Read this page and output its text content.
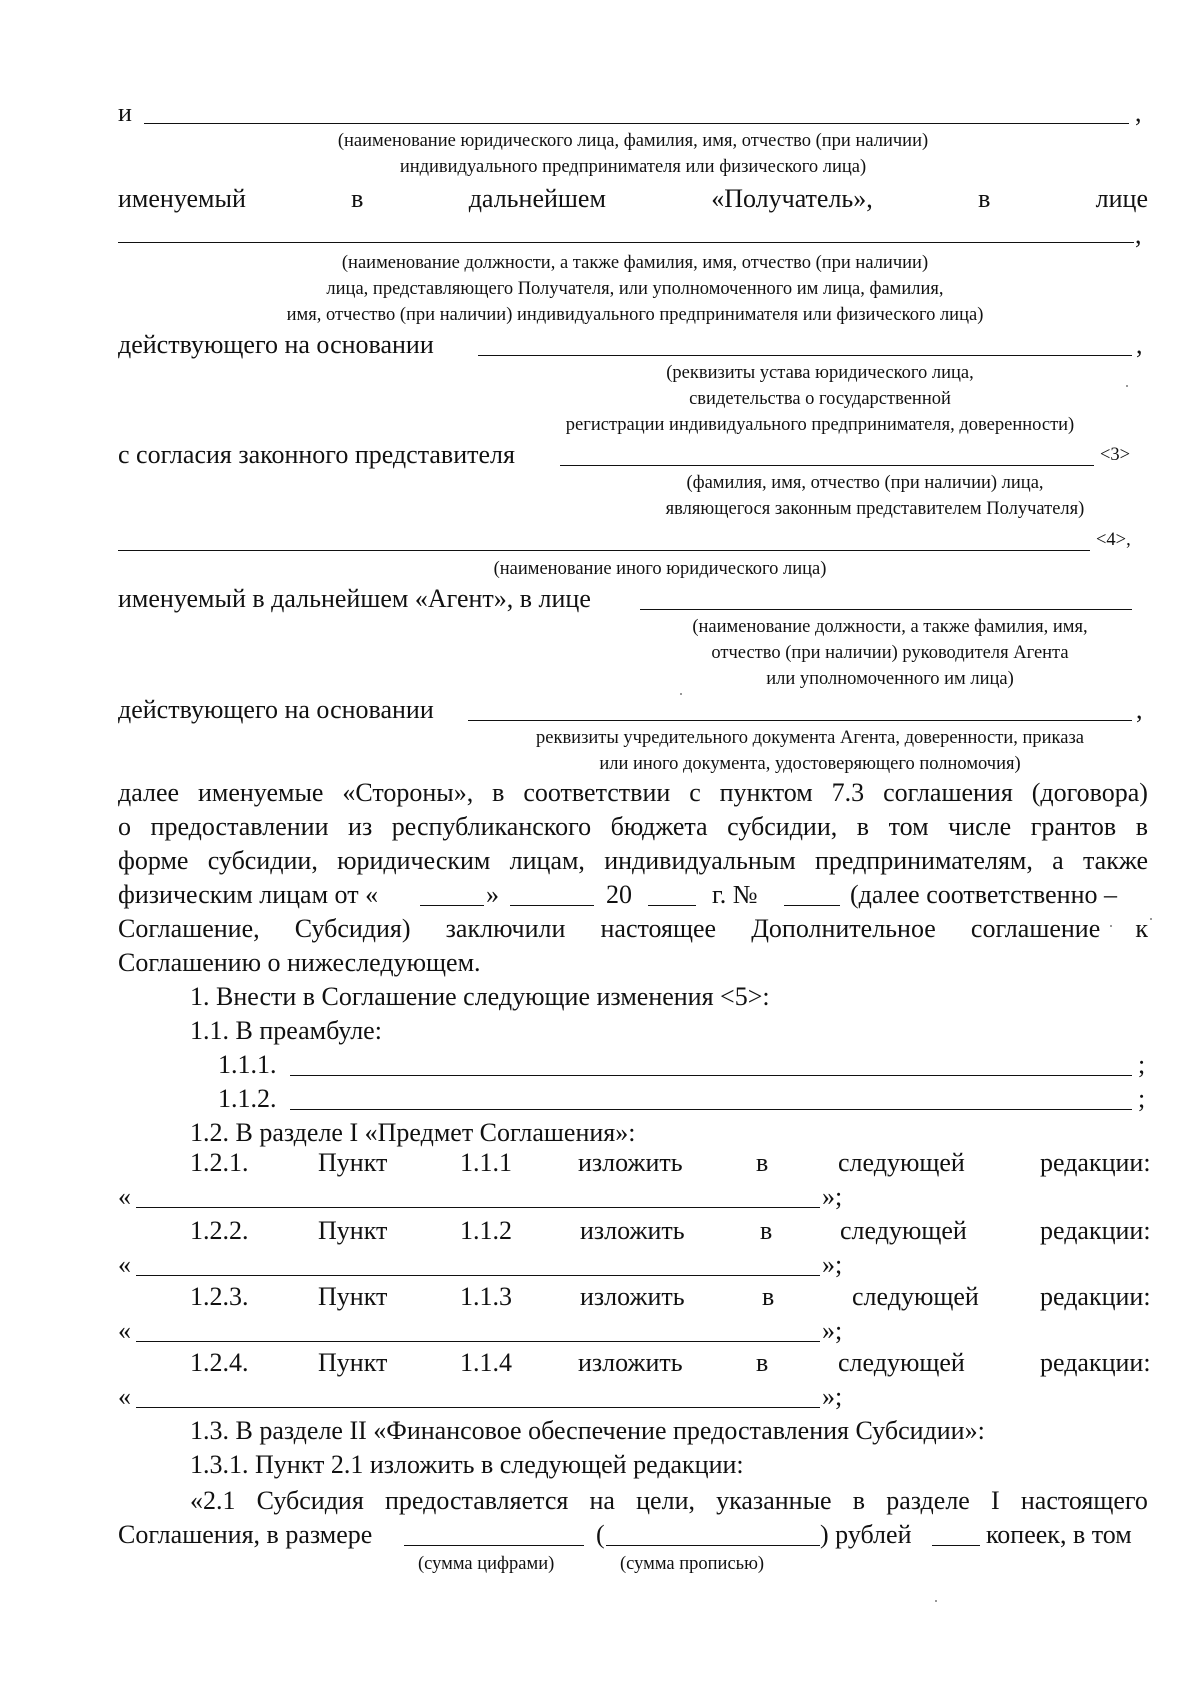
и	,
(наименование юридического лица, фамилия, имя, отчество (при наличии)
индивидуального предпринимателя или физического лица)
именуемый	в	дальнейшем	«Получатель»,	в	лице
,
(наименование должности, а также фамилия, имя, отчество (при наличии)
лица, представляющего Получателя, или уполномоченного им лица, фамилия,
имя, отчество (при наличии) индивидуального предпринимателя или физического лица)
действующего на основании	,
(реквизиты устава юридического лица,
свидетельства о государственной
регистрации индивидуального предпринимателя, доверенности)
с согласия законного представителя	<3>
(фамилия, имя, отчество (при наличии) лица,
являющегося законным представителем Получателя)
<4>,
(наименование иного юридического лица)
именуемый в дальнейшем «Агент», в лице
(наименование должности, а также фамилия, имя,
отчество (при наличии) руководителя Агента
или уполномоченного им лица)
действующего на основании	,
реквизиты учредительного документа Агента, доверенности, приказа
или иного документа, удостоверяющего полномочия)
далее именуемые «Стороны», в соответствии с пунктом 7.3 соглашения (договора)
о предоставлении из республиканского бюджета субсидии, в том числе грантов в
форме субсидии, юридическим лицам, индивидуальным предпринимателям, а также
физическим лицам от «	»	20	г. №	(далее соответственно –
Соглашение, Субсидия) заключили настоящее Дополнительное соглашение к
Соглашению о нижеследующем.
1. Внести в Соглашение следующие изменения <5>:
1.1. В преамбуле:
1.1.1.	;
1.1.2.	;
1.2. В разделе I «Предмет Соглашения»:
1.2.1.	Пункт	1.1.1	изложить	в	следующей	редакции:
«	»;
1.2.2.	Пункт	1.1.2	изложить	в	следующей	редакции:
«	»;
1.2.3.	Пункт	1.1.3	изложить	в	следующей редакции:
«	»;
1.2.4.	Пункт	1.1.4	изложить	в	следующей	редакции:
«	»;
1.3. В разделе II «Финансовое обеспечение предоставления Субсидии»:
1.3.1. Пункт 2.1 изложить в следующей редакции:
«2.1 Субсидия предоставляется на цели, указанные в разделе I настоящего
Соглашения, в размере	(	) рублей	копеек, в том
(сумма цифрами)	(сумма прописью)
